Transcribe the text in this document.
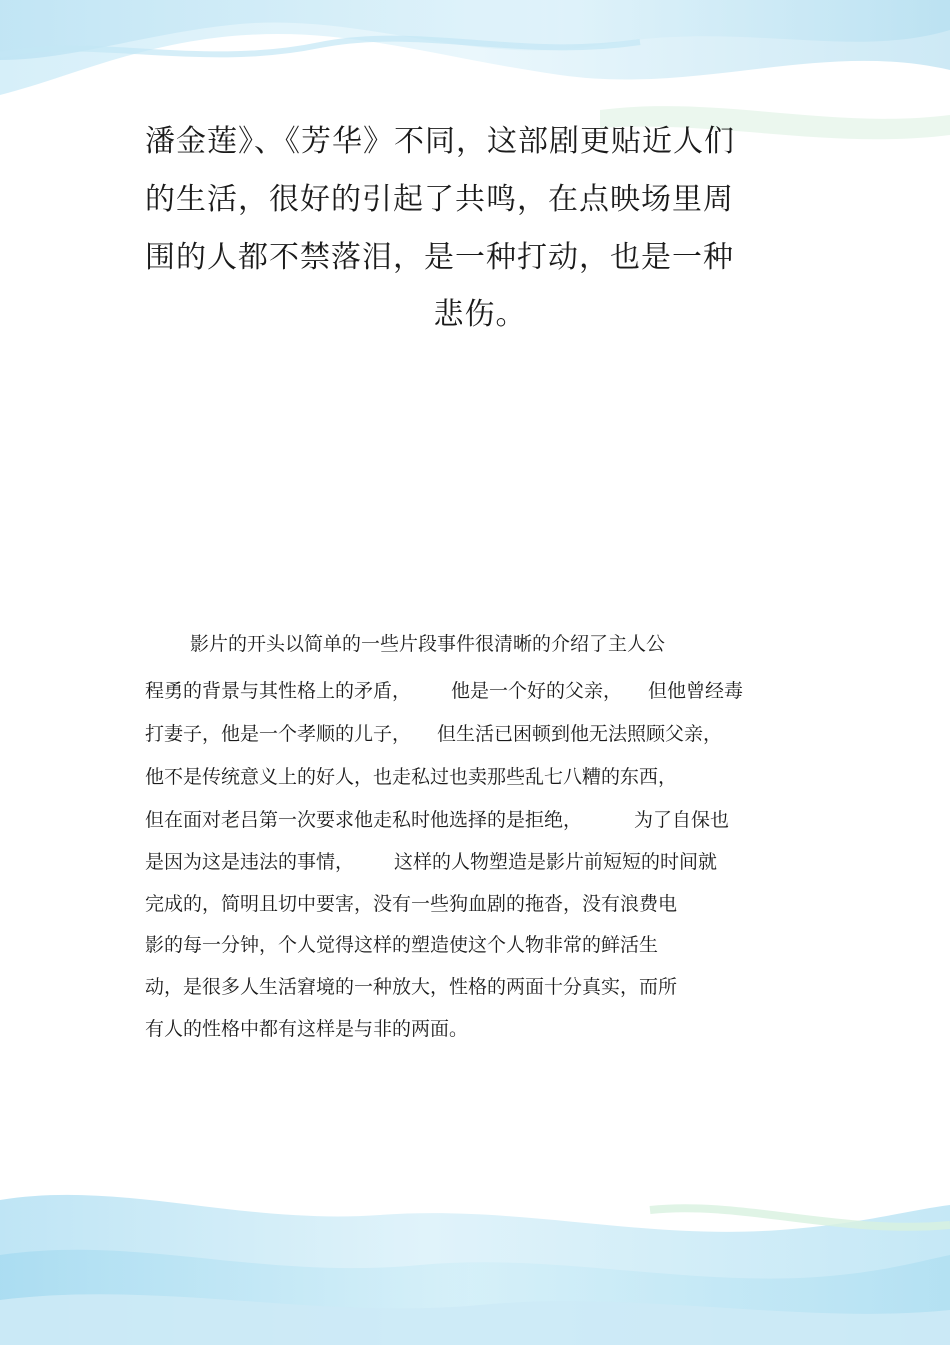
潘金莲》、《芳华》不同，这部剧更贴近人们
的生活，很好的引起了共鸣，在点映场里周
围的人都不禁落泪，是一种打动，也是一种
悲伤。
影片的开头以简单的一些片段事件很清晰的介绍了主人公
程勇的背景与其性格上的矛盾， 他是一个好的父亲， 但他曾经毒
打妻子，他是一个孝顺的儿子， 但生活已困顿到他无法照顾父亲，
他不是传统意义上的好人，也走私过也卖那些乱七八糟的东西，
但在面对老吕第一次要求他走私时他选择的是拒绝，	为了自保也
是因为这是违法的事情， 这样的人物塑造是影片前短短的时间就
完成的，简明且切中要害，没有一些狗血剧的拖沓，没有浪费电
影的每一分钟，个人觉得这样的塑造使这个人物非常的鲜活生
动，是很多人生活窘境的一种放大，性格的两面十分真实，而所
有人的性格中都有这样是与非的两面。
